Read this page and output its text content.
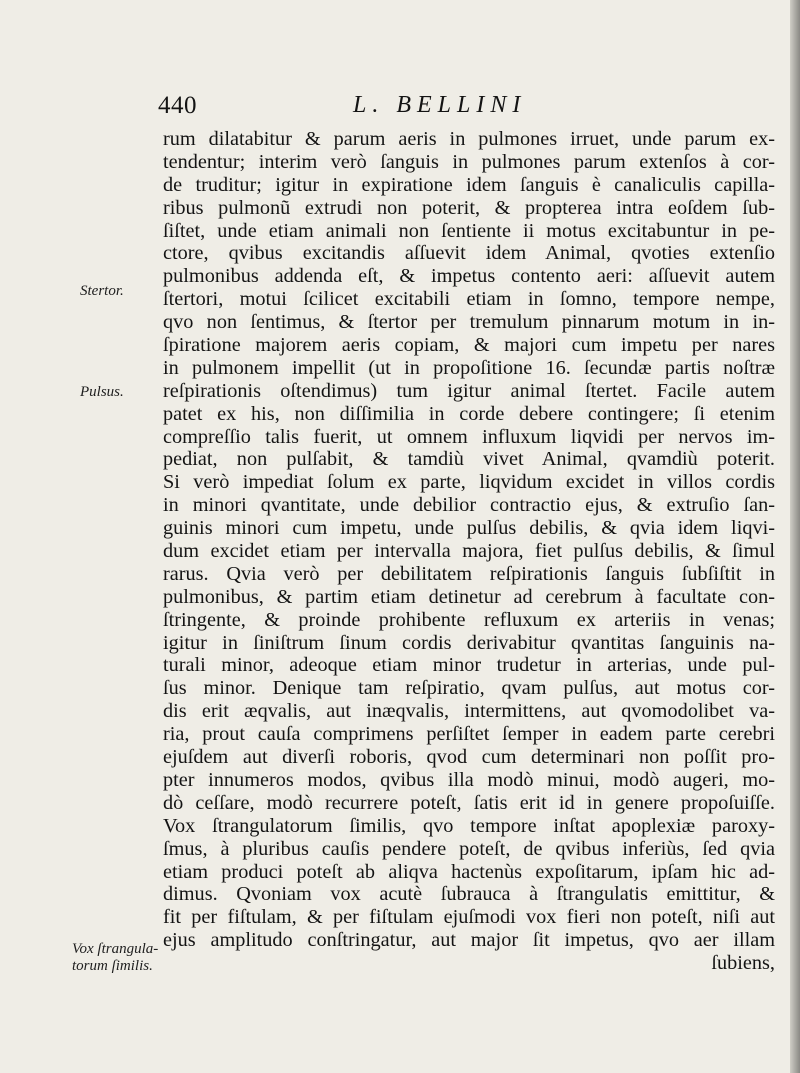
440	L. BELLINI
Stertor.
Pulsus.
Vox ſtrangula-
torum ſimilis.
rum dilatabitur & parum aeris in pulmones irruet, unde parum ex-
tendentur; interim verò ſanguis in pulmones parum extenſos à cor-
de truditur; igitur in expiratione idem ſanguis è canaliculis capilla-
ribus pulmonũ extrudi non poterit, & propterea intra eoſdem ſub-
ſiſtet, unde etiam animali non ſentiente ii motus excitabuntur in pe-
ctore, qvibus excitandis aſſuevit idem Animal, qvoties extenſio
pulmonibus addenda eſt, & impetus contento aeri: aſſuevit autem
ſtertori, motui ſcilicet excitabili etiam in ſomno, tempore nempe,
qvo non ſentimus, & ſtertor per tremulum pinnarum motum in in-
ſpiratione majorem aeris copiam, & majori cum impetu per nares
in pulmonem impellit (ut in propoſitione 16. ſecundæ partis noſtræ
reſpirationis oſtendimus) tum igitur animal ſtertet. Facile autem
patet ex his, non diſſimilia in corde debere contingere; ſi etenim
compreſſio talis fuerit, ut omnem influxum liqvidi per nervos im-
pediat, non pulſabit, & tamdiù vivet Animal, qvamdiù poterit.
Si verò impediat ſolum ex parte, liqvidum excidet in villos cordis
in minori qvantitate, unde debilior contractio ejus, & extruſio ſan-
guinis minori cum impetu, unde pulſus debilis, & qvia idem liqvi-
dum excidet etiam per intervalla majora, fiet pulſus debilis, & ſimul
rarus. Qvia verò per debilitatem reſpirationis ſanguis ſubſiſtit in
pulmonibus, & partim etiam detinetur ad cerebrum à facultate con-
ſtringente, & proinde prohibente refluxum ex arteriis in venas;
igitur in ſiniſtrum ſinum cordis derivabitur qvantitas ſanguinis na-
turali minor, adeoque etiam minor trudetur in arterias, unde pul-
ſus minor. Denique tam reſpiratio, qvam pulſus, aut motus cor-
dis erit æqvalis, aut inæqvalis, intermittens, aut qvomodolibet va-
ria, prout cauſa comprimens perſiſtet ſemper in eadem parte cerebri
ejuſdem aut diverſi roboris, qvod cum determinari non poſſit pro-
pter innumeros modos, qvibus illa modò minui, modò augeri, mo-
dò ceſſare, modò recurrere poteſt, ſatis erit id in genere propoſuiſſe.
Vox ſtrangulatorum ſimilis, qvo tempore inſtat apoplexiæ paroxy-
ſmus, à pluribus cauſis pendere poteſt, de qvibus inferiùs, ſed qvia
etiam produci poteſt ab aliqva hactenùs expoſitarum, ipſam hic ad-
dimus. Qvoniam vox acutè ſubrauca à ſtrangulatis emittitur, &
fit per fiſtulam, & per fiſtulam ejuſmodi vox fieri non poteſt, niſi aut
ejus amplitudo conſtringatur, aut major ſit impetus, qvo aer illam
ſubiens,
